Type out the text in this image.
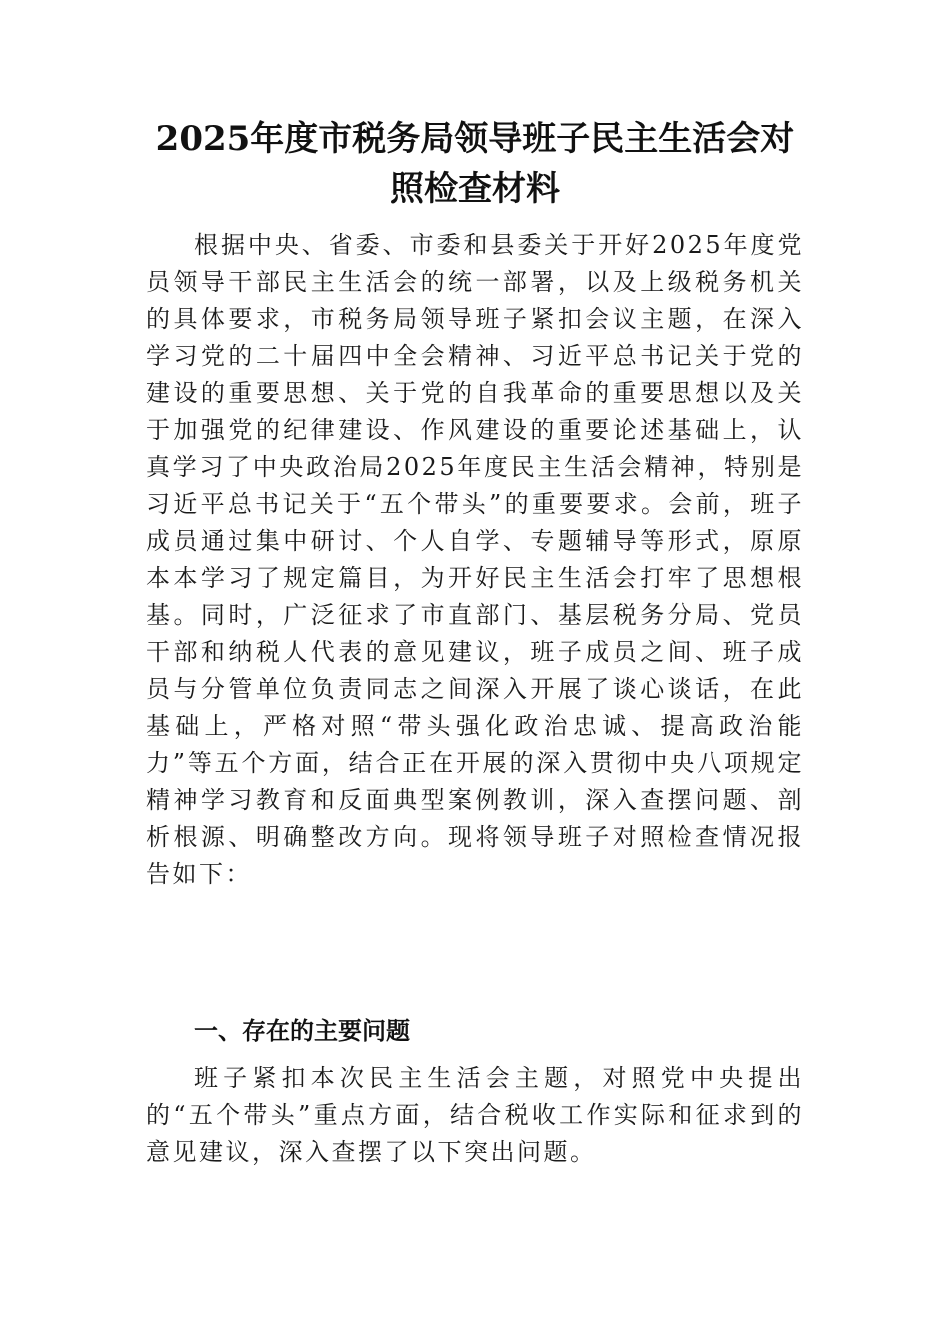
2025年度市税务局领导班子民主生活会对照检查材料

根据中央、省委、市委和县委关于开好2025年度党员领导干部民主生活会的统一部署，以及上级税务机关的具体要求，市税务局领导班子紧扣会议主题，在深入学习党的二十届四中全会精神、习近平总书记关于党的建设的重要思想、关于党的自我革命的重要思想以及关于加强党的纪律建设、作风建设的重要论述基础上，认真学习了中央政治局2025年度民主生活会精神，特别是习近平总书记关于“五个带头”的重要要求。会前，班子成员通过集中研讨、个人自学、专题辅导等形式，原原本本学习了规定篇目，为开好民主生活会打牢了思想根基。同时，广泛征求了市直部门、基层税务分局、党员干部和纳税人代表的意见建议，班子成员之间、班子成员与分管单位负责同志之间深入开展了谈心谈话，在此基础上，严格对照“带头强化政治忠诚、提高政治能力”等五个方面，结合正在开展的深入贯彻中央八项规定精神学习教育和反面典型案例教训，深入查摆问题、剖析根源、明确整改方向。现将领导班子对照检查情况报告如下：

一、存在的主要问题

班子紧扣本次民主生活会主题，对照党中央提出的“五个带头”重点方面，结合税收工作实际和征求到的意见建议，深入查摆了以下突出问题。
